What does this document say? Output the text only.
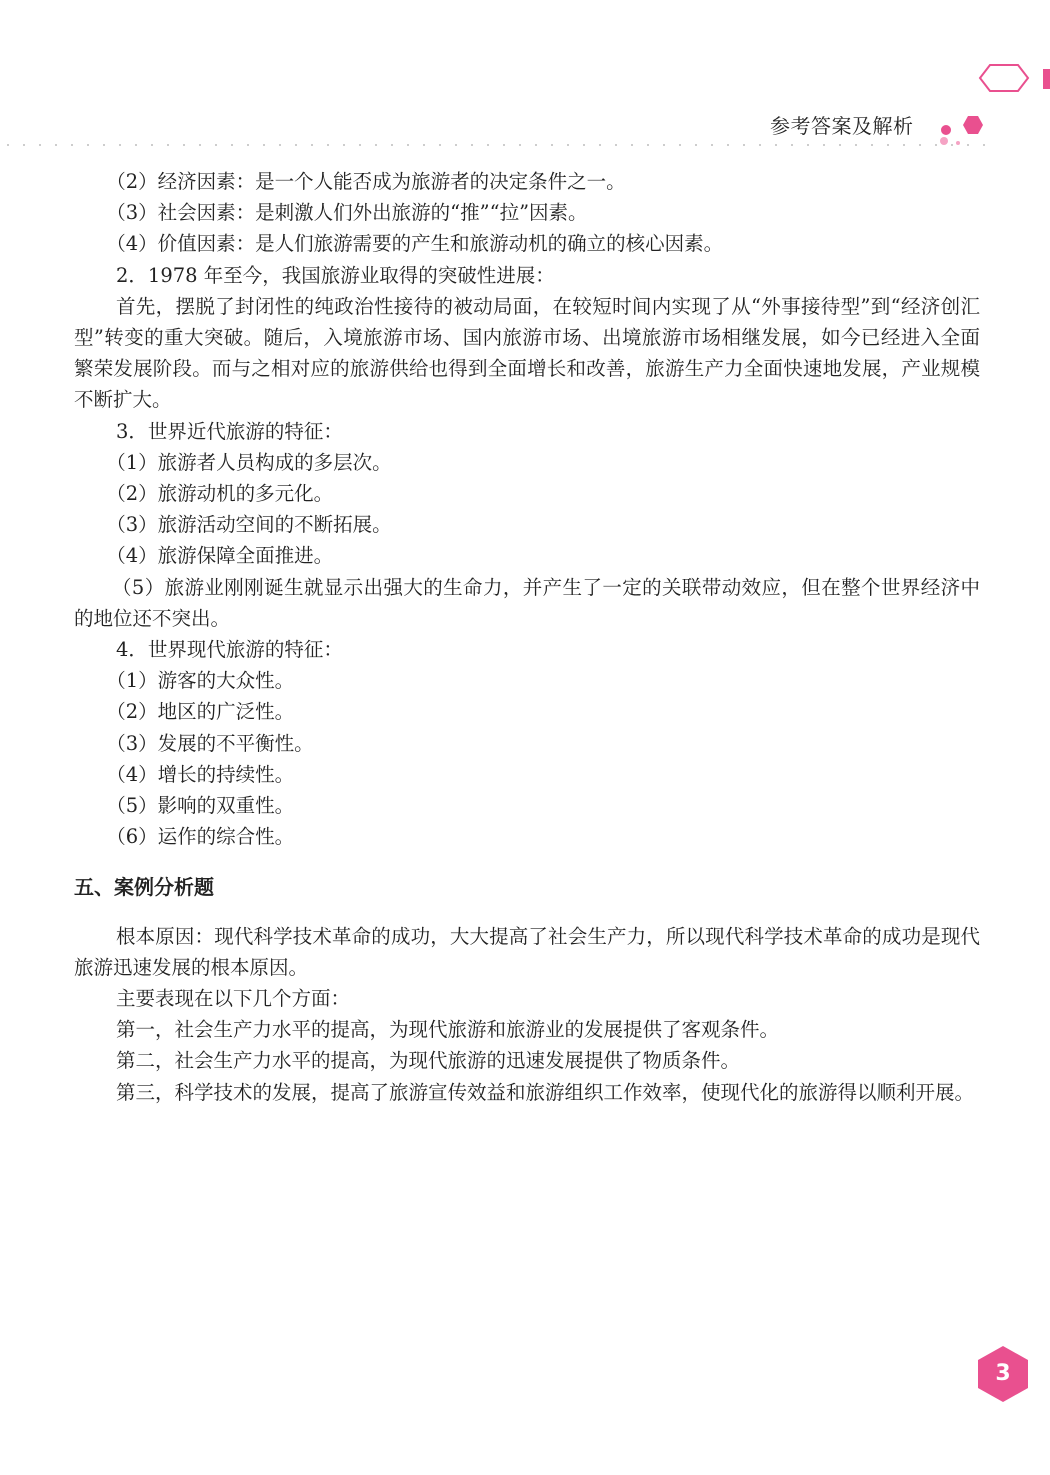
参考答案及解析

（2）经济因素：是一个人能否成为旅游者的决定条件之一。

（3）社会因素：是刺激人们外出旅游的“推”“拉”因素。

（4）价值因素：是人们旅游需要的产生和旅游动机的确立的核心因素。

2．1978 年至今，我国旅游业取得的突破性进展：

首先，摆脱了封闭性的纯政治性接待的被动局面，在较短时间内实现了从“外事接待型”到“经济创汇型”转变的重大突破。随后，入境旅游市场、国内旅游市场、出境旅游市场相继发展，如今已经进入全面繁荣发展阶段。而与之相对应的旅游供给也得到全面增长和改善，旅游生产力全面快速地发展，产业规模不断扩大。

3．世界近代旅游的特征：

（1）旅游者人员构成的多层次。

（2）旅游动机的多元化。

（3）旅游活动空间的不断拓展。

（4）旅游保障全面推进。

（5）旅游业刚刚诞生就显示出强大的生命力，并产生了一定的关联带动效应，但在整个世界经济中的地位还不突出。

4．世界现代旅游的特征：

（1）游客的大众性。

（2）地区的广泛性。

（3）发展的不平衡性。

（4）增长的持续性。

（5）影响的双重性。

（6）运作的综合性。

五、案例分析题

根本原因：现代科学技术革命的成功，大大提高了社会生产力，所以现代科学技术革命的成功是现代旅游迅速发展的根本原因。

主要表现在以下几个方面：

第一，社会生产力水平的提高，为现代旅游和旅游业的发展提供了客观条件。

第二，社会生产力水平的提高，为现代旅游的迅速发展提供了物质条件。

第三，科学技术的发展，提高了旅游宣传效益和旅游组织工作效率，使现代化的旅游得以顺利开展。

3
